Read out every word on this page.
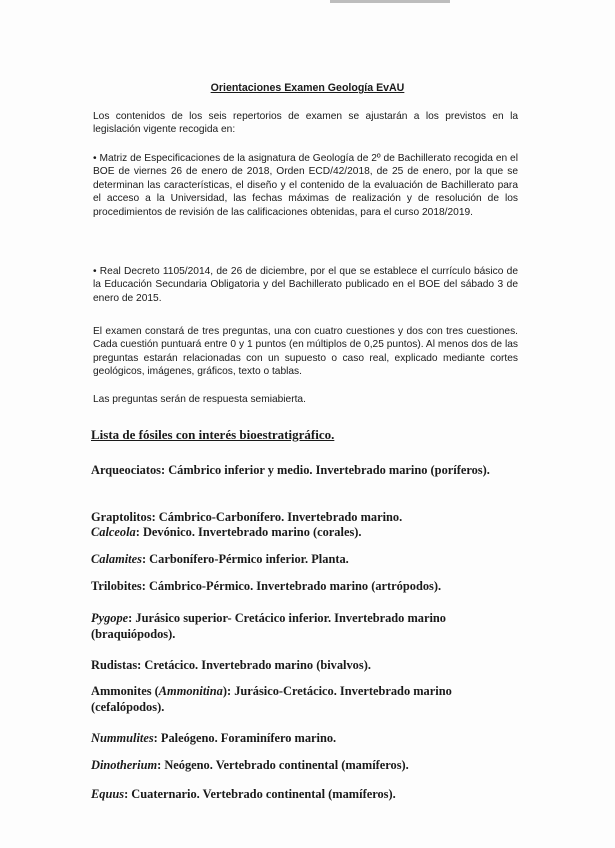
Orientaciones Examen Geología EvAU

Los contenidos de los seis repertorios de examen se ajustarán a los previstos en la legislación vigente recogida en:

• Matriz de Especificaciones de la asignatura de Geología de 2º de Bachillerato recogida en el BOE de viernes 26 de enero de 2018, Orden ECD/42/2018, de 25 de enero, por la que se determinan las características, el diseño y el contenido de la evaluación de Bachillerato para el acceso a la Universidad, las fechas máximas de realización y de resolución de los procedimientos de revisión de las calificaciones obtenidas, para el curso 2018/2019.

• Real Decreto 1105/2014, de 26 de diciembre, por el que se establece el currículo básico de la Educación Secundaria Obligatoria y del Bachillerato publicado en el BOE del sábado 3 de enero de 2015.

El examen constará de tres preguntas, una con cuatro cuestiones y dos con tres cuestiones. Cada cuestión puntuará entre 0 y 1 puntos (en múltiplos de 0,25 puntos). Al menos dos de las preguntas estarán relacionadas con un supuesto o caso real, explicado mediante cortes geológicos, imágenes, gráficos, texto o tablas.

Las preguntas serán de respuesta semiabierta.

Lista de fósiles con interés bioestratigráfico.

Arqueociatos: Cámbrico inferior y medio. Invertebrado marino (poríferos).

Graptolitos: Cámbrico-Carbonífero. Invertebrado marino.

Calceola: Devónico. Invertebrado marino (corales).

Calamites: Carbonífero-Pérmico inferior. Planta.

Trilobites: Cámbrico-Pérmico. Invertebrado marino (artrópodos).

Pygope: Jurásico superior- Cretácico inferior. Invertebrado marino (braquiópodos).

Rudistas: Cretácico. Invertebrado marino (bivalvos).

Ammonites (Ammonitina): Jurásico-Cretácico. Invertebrado marino (cefalópodos).

Nummulites: Paleógeno. Foraminífero marino.

Dinotherium: Neógeno. Vertebrado continental (mamíferos).

Equus: Cuaternario. Vertebrado continental (mamíferos).
